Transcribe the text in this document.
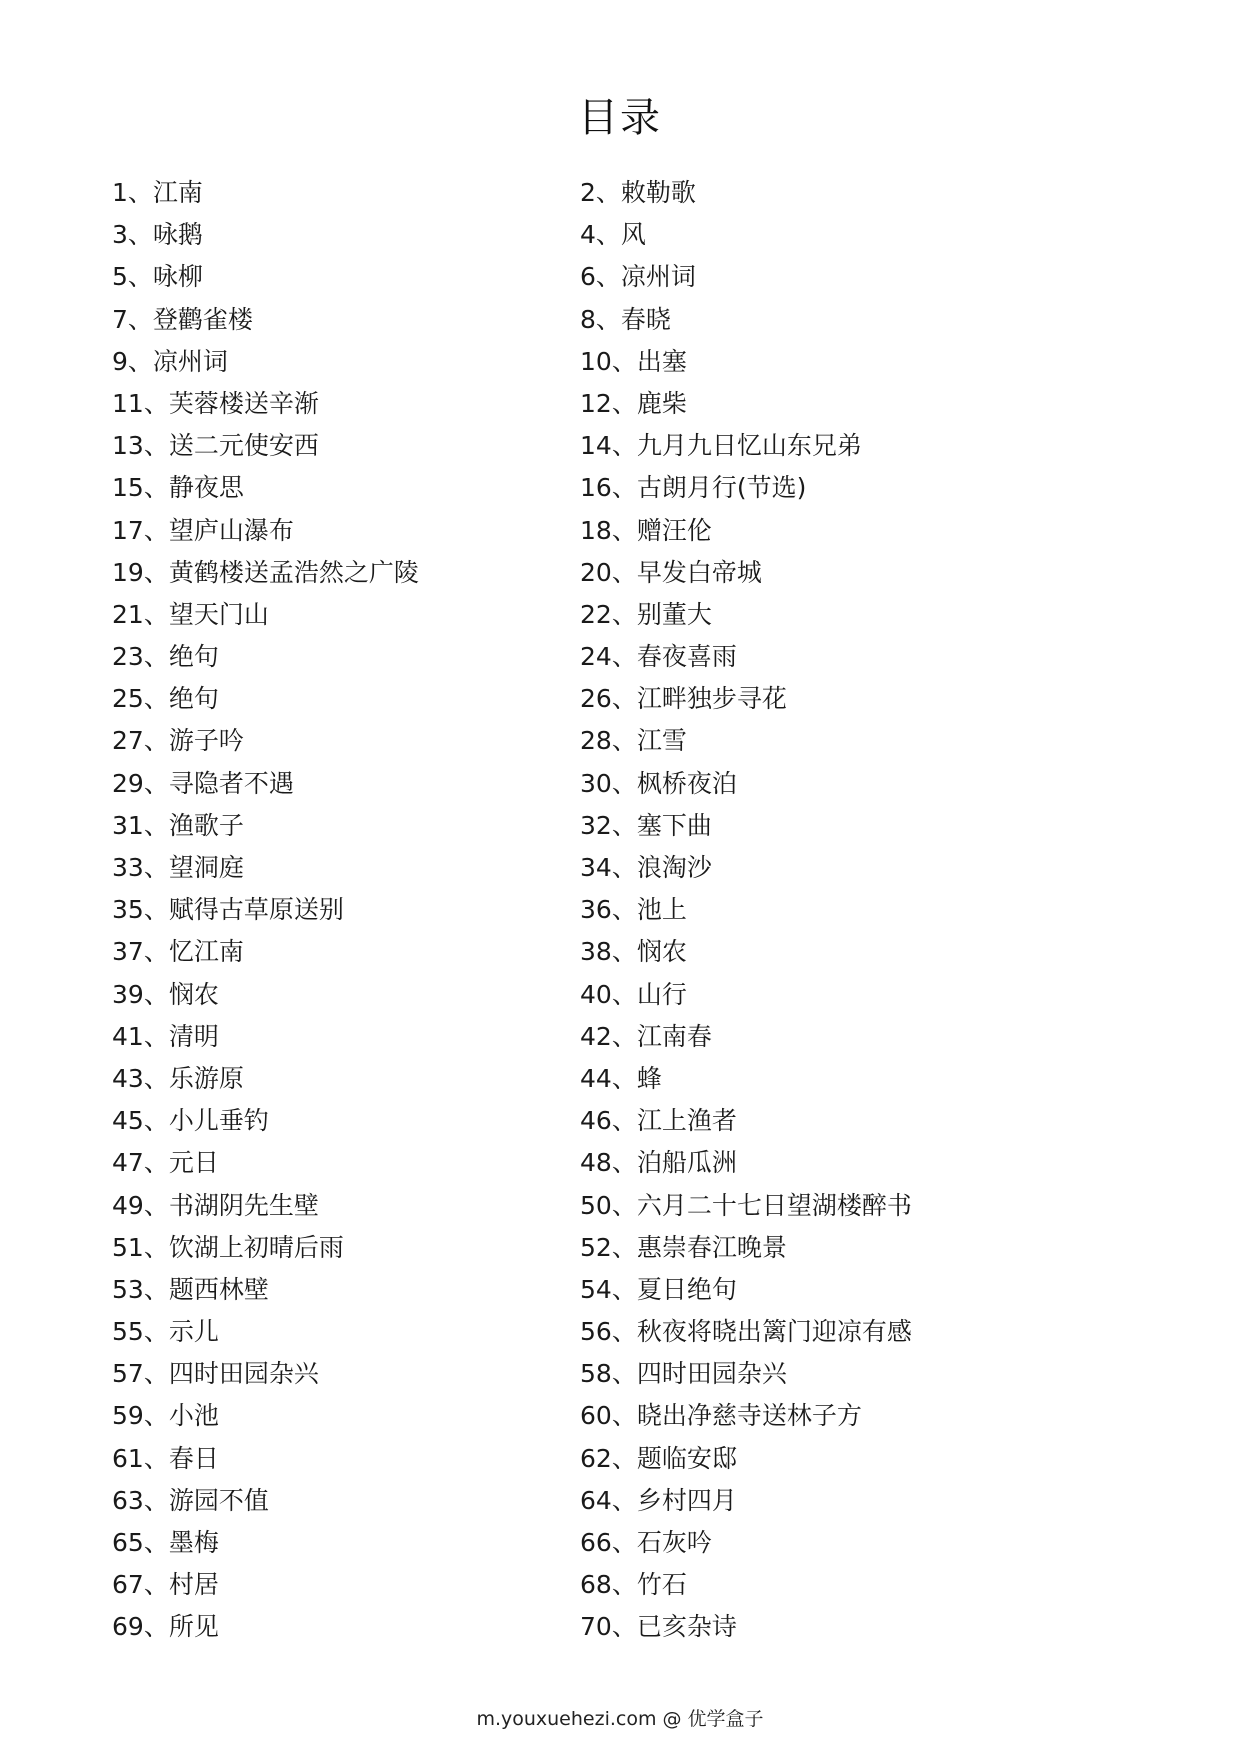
目录
1、江南	2、敕勒歌
3、咏鹅	4、风
5、咏柳	6、凉州词
7、登鹳雀楼	8、春晓
9、凉州词	10、出塞
11、芙蓉楼送辛渐	12、鹿柴
13、送二元使安西	14、九月九日忆山东兄弟
15、静夜思	16、古朗月行(节选)
17、望庐山瀑布	18、赠汪伦
19、黄鹤楼送孟浩然之广陵	20、早发白帝城
21、望天门山	22、别董大
23、绝句	24、春夜喜雨
25、绝句	26、江畔独步寻花
27、游子吟	28、江雪
29、寻隐者不遇	30、枫桥夜泊
31、渔歌子	32、塞下曲
33、望洞庭	34、浪淘沙
35、赋得古草原送别	36、池上
37、忆江南	38、悯农
39、悯农	40、山行
41、清明	42、江南春
43、乐游原	44、蜂
45、小儿垂钓	46、江上渔者
47、元日	48、泊船瓜洲
49、书湖阴先生壁	50、六月二十七日望湖楼醉书
51、饮湖上初晴后雨	52、惠崇春江晚景
53、题西林壁	54、夏日绝句
55、示儿	56、秋夜将晓出篱门迎凉有感
57、四时田园杂兴	58、四时田园杂兴
59、小池	60、晓出净慈寺送林子方
61、春日	62、题临安邸
63、游园不值	64、乡村四月
65、墨梅	66、石灰吟
67、村居	68、竹石
69、所见	70、已亥杂诗
m.youxuehezi.com @ 优学盒子
